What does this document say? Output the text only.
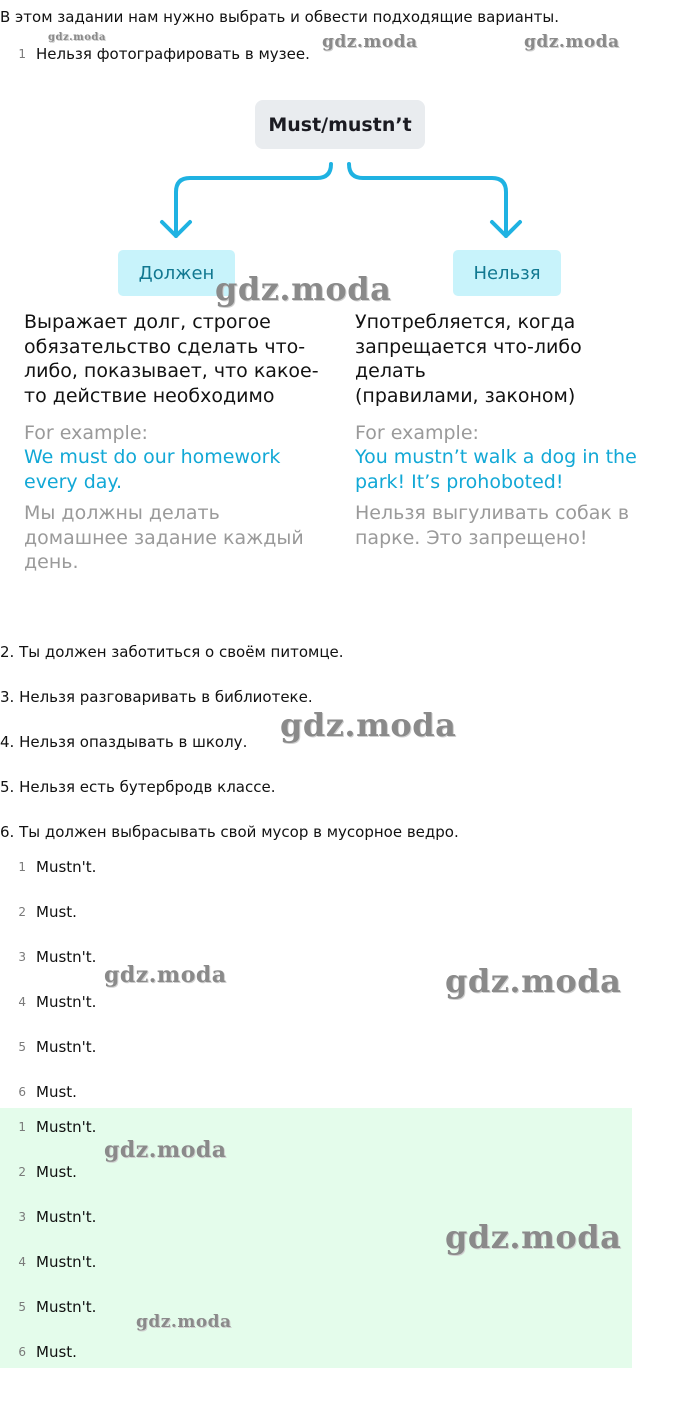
В этом задании нам нужно выбрать и обвести подходящие варианты.
1 Нельзя фотографировать в музее.
Must/mustn’t
Должен	Нельзя
Выражает долг, строгое
обязательство сделать что-
либо, показывает, что какое-
то действие необходимо
For example:
We must do our homework
every day.
Мы должны делать
домашнее задание каждый
день.
Употребляется, когда
запрещается что-либо
делать
(правилами, законом)
For example:
You mustn’t walk a dog in the
park! It’s prohoboted!
Нельзя выгуливать собак в
парке. Это запрещено!
2. Ты должен заботиться о своём питомце.
3. Нельзя разговаривать в библиотеке.
4. Нельзя опаздывать в школу.
5. Нельзя есть бутербродв классе.
6. Ты должен выбрасывать свой мусор в мусорное ведро.
1 Mustn't.
2 Must.
3 Mustn't.
4 Mustn't.
5 Mustn't.
6 Must.
1 Mustn't.
2 Must.
3 Mustn't.
4 Mustn't.
5 Mustn't.
6 Must.
gdz.moda	gdz.moda	gdz.moda
gdz.moda
gdz.moda
gdz.moda	gdz.moda
gdz.moda
gdz.moda
gdz.moda
